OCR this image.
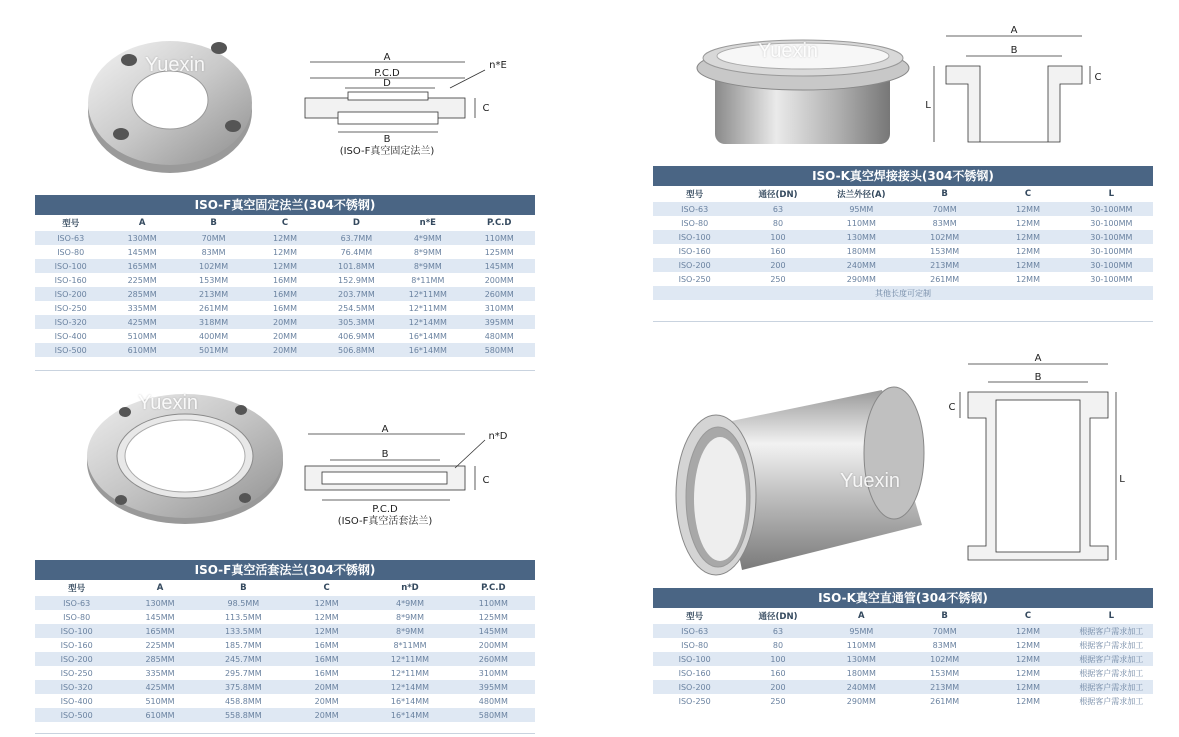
Yuexin	A
P.C.D
D
B
C
n*E
(ISO-F真空固定法兰)
ISO-F真空固定法兰(304不锈钢)
型号	A	B	C	D	n*E	P.C.D
ISO-63	130MM	70MM	12MM	63.7MM	4*9MM	110MM
ISO-80	145MM	83MM	12MM	76.4MM	8*9MM	125MM
ISO-100	165MM	102MM	12MM	101.8MM	8*9MM	145MM
ISO-160	225MM	153MM	16MM	152.9MM	8*11MM	200MM
ISO-200	285MM	213MM	16MM	203.7MM	12*11MM	260MM
ISO-250	335MM	261MM	16MM	254.5MM	12*11MM	310MM
ISO-320	425MM	318MM	20MM	305.3MM	12*14MM	395MM
ISO-400	510MM	400MM	20MM	406.9MM	16*14MM	480MM
ISO-500	610MM	501MM	20MM	506.8MM	16*14MM	580MM
Yuexin
A
B
P.C.D
C
n*D
(ISO-F真空活套法兰)
ISO-F真空活套法兰(304不锈钢)
型号	A	B	C	n*D	P.C.D
ISO-63	130MM	98.5MM	12MM	4*9MM	110MM
ISO-80	145MM	113.5MM	12MM	8*9MM	125MM
ISO-100	165MM	133.5MM	12MM	8*9MM	145MM
ISO-160	225MM	185.7MM	16MM	8*11MM	200MM
ISO-200	285MM	245.7MM	16MM	12*11MM	260MM
ISO-250	335MM	295.7MM	16MM	12*11MM	310MM
ISO-320	425MM	375.8MM	20MM	12*14MM	395MM
ISO-400	510MM	458.8MM	20MM	16*14MM	480MM
ISO-500	610MM	558.8MM	20MM	16*14MM	580MM
Yuexin
A
B
C
L
ISO-K真空焊接接头(304不锈钢)
型号	通径(DN)	法兰外径(A)	B	C	L
ISO-63	63	95MM	70MM	12MM	30-100MM
ISO-80	80	110MM	83MM	12MM	30-100MM
ISO-100	100	130MM	102MM	12MM	30-100MM
ISO-160	160	180MM	153MM	12MM	30-100MM
ISO-200	200	240MM	213MM	12MM	30-100MM
ISO-250	250	290MM	261MM	12MM	30-100MM
其他长度可定制					
Yuexin
A
B
C
L
ISO-K真空直通管(304不锈钢)
型号	通径(DN)	A	B	C	L
ISO-63	63	95MM	70MM	12MM	根据客户需求加工
ISO-80	80	110MM	83MM	12MM	根据客户需求加工
ISO-100	100	130MM	102MM	12MM	根据客户需求加工
ISO-160	160	180MM	153MM	12MM	根据客户需求加工
ISO-200	200	240MM	213MM	12MM	根据客户需求加工
ISO-250	250	290MM	261MM	12MM	根据客户需求加工
